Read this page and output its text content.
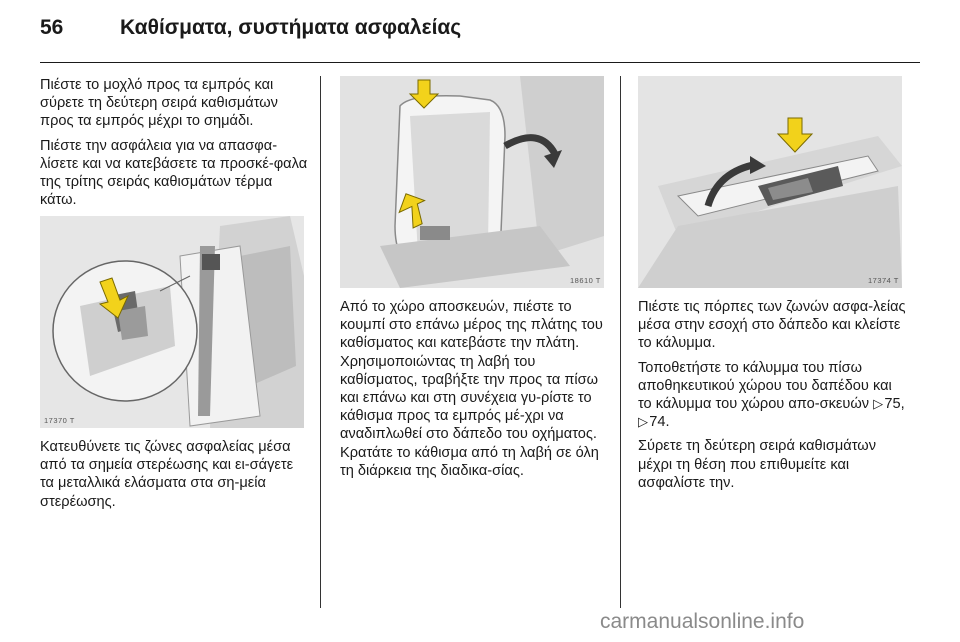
56	Καθίσματα, συστήματα ασφαλείας

Πιέστε το μοχλό προς τα εμπρός και σύρετε τη δεύτερη σειρά καθισμάτων προς τα εμπρός μέχρι το σημάδι.

Πιέστε την ασφάλεια για να απασφα-λίσετε και να κατεβάσετε τα προσκέ-φαλα της τρίτης σειράς καθισμάτων τέρμα κάτω.

17370 T

Κατευθύνετε τις ζώνες ασφαλείας μέσα από τα σημεία στερέωσης και ει-σάγετε τα μεταλλικά ελάσματα στα ση-μεία στερέωσης.

18610 T

Από το χώρο αποσκευών, πιέστε το κουμπί στο επάνω μέρος της πλάτης του καθίσματος και κατεβάστε την πλάτη. Χρησιμοποιώντας τη λαβή του καθίσματος, τραβήξτε την προς τα πίσω και επάνω και στη συνέχεια γυ-ρίστε το κάθισμα προς τα εμπρός μέ-χρι να αναδιπλωθεί στο δάπεδο του οχήματος. Κρατάτε το κάθισμα από τη λαβή σε όλη τη διάρκεια της διαδικα-σίας.

17374 T

Πιέστε τις πόρπες των ζωνών ασφα-λείας μέσα στην εσοχή στο δάπεδο και κλείστε το κάλυμμα.

Τοποθετήστε το κάλυμμα του πίσω αποθηκευτικού χώρου του δαπέδου και το κάλυμμα του χώρου απο-σκευών ▷ 75, ▷ 74.

Σύρετε τη δεύτερη σειρά καθισμάτων μέχρι τη θέση που επιθυμείτε και ασφαλίστε την.

carmanualsonline.info
